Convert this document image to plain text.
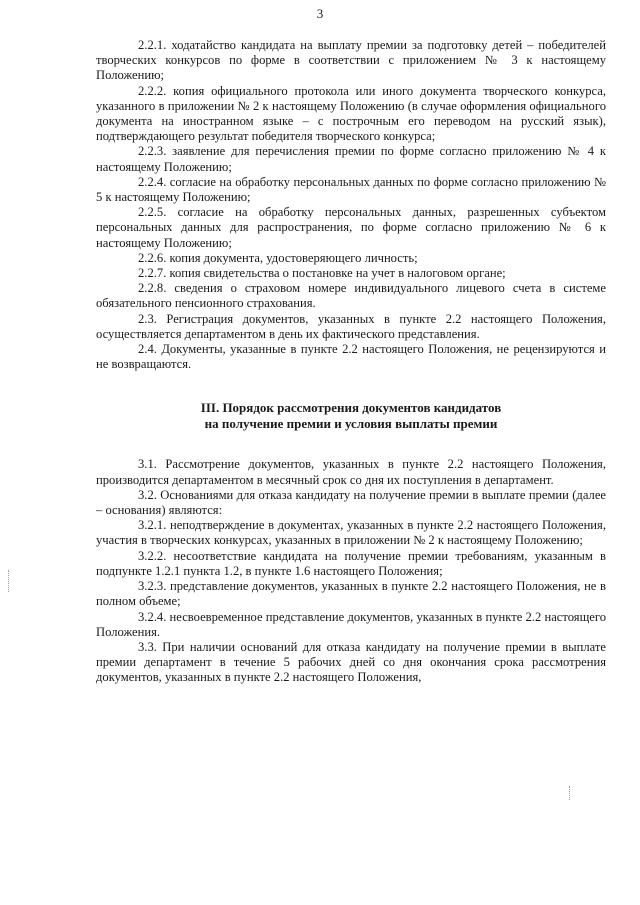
3

2.2.1. ходатайство кандидата на выплату премии за подготовку детей – победителей творческих конкурсов по форме в соответствии с приложением № 3 к настоящему Положению;

2.2.2. копия официального протокола или иного документа творческого конкурса, указанного в приложении № 2 к настоящему Положению (в случае оформления официального документа на иностранном языке – с построчным его переводом на русский язык), подтверждающего результат победителя творческого конкурса;

2.2.3. заявление для перечисления премии по форме согласно приложению № 4 к настоящему Положению;

2.2.4. согласие на обработку персональных данных по форме согласно приложению № 5 к настоящему Положению;

2.2.5. согласие на обработку персональных данных, разрешенных субъектом персональных данных для распространения, по форме согласно приложению № 6 к настоящему Положению;

2.2.6. копия документа, удостоверяющего личность;

2.2.7. копия свидетельства о постановке на учет в налоговом органе;

2.2.8. сведения о страховом номере индивидуального лицевого счета в системе обязательного пенсионного страхования.

2.3. Регистрация документов, указанных в пункте 2.2 настоящего Положения, осуществляется департаментом в день их фактического представления.

2.4. Документы, указанные в пункте 2.2 настоящего Положения, не рецензируются и не возвращаются.

III. Порядок рассмотрения документов кандидатов
на получение премии и условия выплаты премии

3.1. Рассмотрение документов, указанных в пункте 2.2 настоящего Положения, производится департаментом в месячный срок со дня их поступления в департамент.

3.2. Основаниями для отказа кандидату на получение премии в выплате премии (далее – основания) являются:

3.2.1. неподтверждение в документах, указанных в пункте 2.2 настоящего Положения, участия в творческих конкурсах, указанных в приложении № 2 к настоящему Положению;

3.2.2. несоответствие кандидата на получение премии требованиям, указанным в подпункте 1.2.1 пункта 1.2, в пункте 1.6 настоящего Положения;

3.2.3. представление документов, указанных в пункте 2.2 настоящего Положения, не в полном объеме;

3.2.4. несвоевременное представление документов, указанных в пункте 2.2 настоящего Положения.

3.3. При наличии оснований для отказа кандидату на получение премии в выплате премии департамент в течение 5 рабочих дней со дня окончания срока рассмотрения документов, указанных в пункте 2.2 настоящего Положения,
